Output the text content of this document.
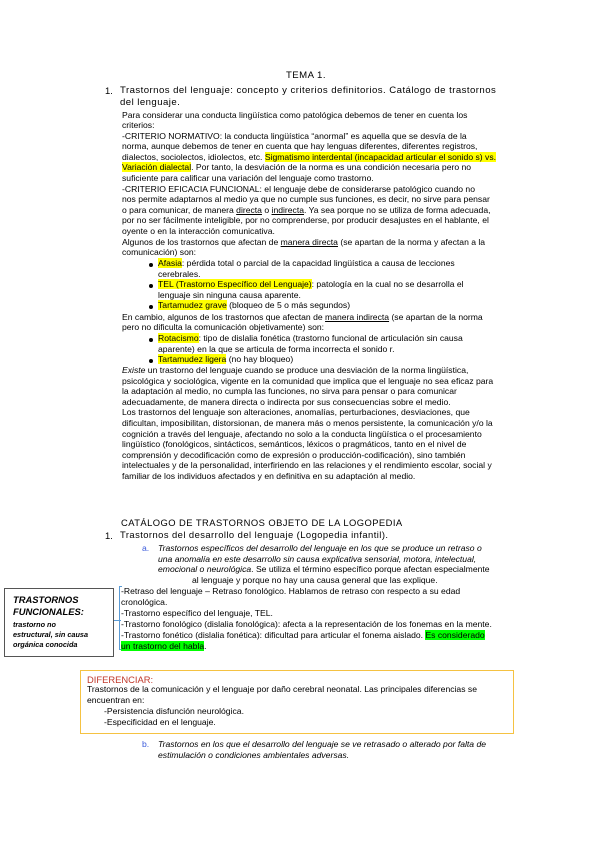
TEMA 1.
1. Trastornos del lenguaje: concepto y criterios definitorios. Catálogo de trastornos
del lenguaje.
Para considerar una conducta lingüística como patológica debemos de tener en cuenta los
criterios:
-CRITERIO NORMATIVO: la conducta lingüística “anormal” es aquella que se desvía de la
norma, aunque debemos de tener en cuenta que hay lenguas diferentes, diferentes registros,
dialectos, sociolectos, idiolectos, etc. Sigmatismo interdental (incapacidad articular el sonido s) vs.
Variación dialectal. Por tanto, la desviación de la norma es una condición necesaria pero no
suficiente para calificar una variación del lenguaje como trastorno.
-CRITERIO EFICACIA FUNCIONAL: el lenguaje debe de considerarse patológico cuando no
nos permite adaptarnos al medio ya que no cumple sus funciones, es decir, no sirve para pensar
o para comunicar, de manera directa o indirecta. Ya sea porque no se utiliza de forma adecuada,
por no ser fácilmente inteligible, por no comprenderse, por producir desajustes en el hablante, el
oyente o en la interacción comunicativa.
Algunos de los trastornos que afectan de manera directa (se apartan de la norma y afectan a la
comunicación) son:
Afasia: pérdida total o parcial de la capacidad lingüística a causa de lecciones
cerebrales.
TEL (Trastorno Específico del Lenguaje): patología en la cual no se desarrolla el
lenguaje sin ninguna causa aparente.
Tartamudez grave (bloqueo de 5 o más segundos)
En cambio, algunos de los trastornos que afectan de manera indirecta (se apartan de la norma
pero no dificulta la comunicación objetivamente) son:
Rotacismo: tipo de dislalia fonética (trastorno funcional de articulación sin causa
aparente) en la que se articula de forma incorrecta el sonido r.
Tartamudez ligera (no hay bloqueo)
Existe un trastorno del lenguaje cuando se produce una desviación de la norma lingüística,
psicológica y sociológica, vigente en la comunidad que implica que el lenguaje no sea eficaz para
la adaptación al medio, no cumpla las funciones, no sirva para pensar o para comunicar
adecuadamente, de manera directa o indirecta por sus consecuencias sobre el medio.
Los trastornos del lenguaje son alteraciones, anomalías, perturbaciones, desviaciones, que
dificultan, imposibilitan, distorsionan, de manera más o menos persistente, la comunicación y/o la
cognición a través del lenguaje, afectando no solo a la conducta lingüística o el procesamiento
lingüístico (fonológicos, sintácticos, semánticos, léxicos o pragmáticos, tanto en el nivel de
comprensión y decodificación como de expresión o producción-codificación), sino también
intelectuales y de la personalidad, interfiriendo en las relaciones y el rendimiento escolar, social y
familiar de los individuos afectados y en definitiva en su adaptación al medio.
CATÁLOGO DE TRASTORNOS OBJETO DE LA LOGOPEDIA
1. Trastornos del desarrollo del lenguaje (Logopedia infantil).
a. Trastornos específicos del desarrollo del lenguaje en los que se produce un retraso o
una anomalía en este desarrollo sin causa explicativa sensorial, motora, intelectual,
emocional o neurológica. Se utiliza el término específico porque afectan especialmente
al lenguaje y porque no hay una causa general que las explique.
TRASTORNOS
FUNCIONALES:
trastorno no
estructural, sin causa
orgánica conocida
-Retraso del lenguaje – Retraso fonológico. Hablamos de retraso con respecto a su edad
cronológica.
-Trastorno específico del lenguaje, TEL.
-Trastorno fonológico (dislalia fonológica): afecta a la representación de los fonemas en la mente.
-Trastorno fonético (dislalia fonética): dificultad para articular el fonema aislado. Es considerado
un trastorno del habla.
DIFERENCIAR:
Trastornos de la comunicación y el lenguaje por daño cerebral neonatal. Las principales diferencias se
encuentran en:
-Persistencia disfunción neurológica.
-Especificidad en el lenguaje.
b. Trastornos en los que el desarrollo del lenguaje se ve retrasado o alterado por falta de
estimulación o condiciones ambientales adversas.
